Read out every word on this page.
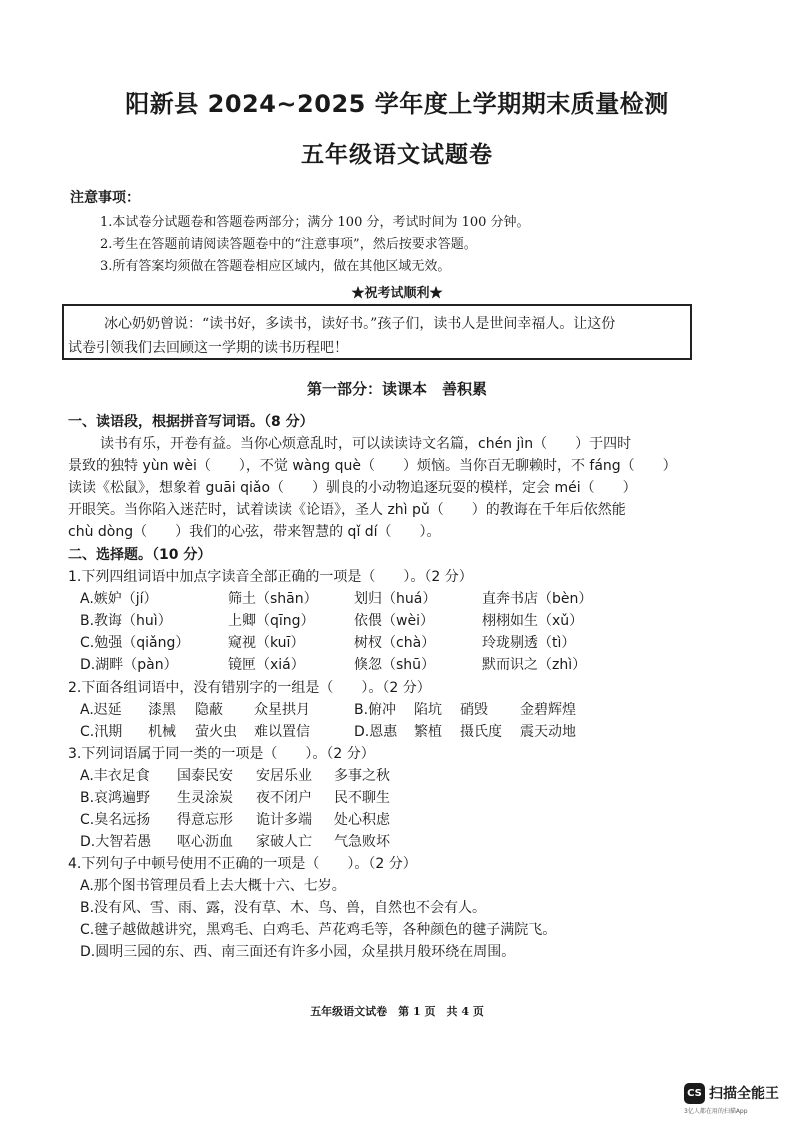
阳新县 2024~2025 学年度上学期期末质量检测
五年级语文试题卷
注意事项：
1.本试卷分试题卷和答题卷两部分；满分 100 分，考试时间为 100 分钟。
2.考生在答题前请阅读答题卷中的“注意事项”，然后按要求答题。
3.所有答案均须做在答题卷相应区域内，做在其他区域无效。
★祝考试顺利★
冰心奶奶曾说：“读书好，多读书，读好书。”孩子们，读书人是世间幸福人。让这份
试卷引领我们去回顾这一学期的读书历程吧！
第一部分：读课本　善积累
一、读语段，根据拼音写词语。（8 分）
读书有乐，开卷有益。当你心烦意乱时，可以读读诗文名篇，chén jìn（　　）于四时
景致的独特 yùn wèi（　　），不觉 wàng què（　　）烦恼。当你百无聊赖时，不 fáng（　　）
读读《松鼠》，想象着 guāi qiǎo（　　）驯良的小动物追逐玩耍的模样，定会 méi（　　）
开眼笑。当你陷入迷茫时，试着读读《论语》，圣人 zhì pǔ（　　）的教诲在千年后依然能
chù dòng（　　）我们的心弦，带来智慧的 qǐ dí（　　）。
二、选择题。（10 分）
1.下列四组词语中加点字读音全部正确的一项是（　　）。（2 分）
A.嫉妒（jí）	筛土（shān）	划归（huá）	直奔书店（bèn）
B.教诲（huì）	上卿（qīng）	依偎（wèi）	栩栩如生（xǔ）
C.勉强（qiǎng）	窥视（kuī）	树杈（chà）	玲珑剔透（tì）
D.湖畔（pàn）	镜匣（xiá）	倏忽（shū）	默而识之（zhì）
2.下面各组词语中，没有错别字的一组是（　　）。（2 分）
A.迟延 漆黑 隐蔽 众星拱月	B.俯冲 陷坑 硝毁 金碧辉煌
C.汛期 机械 萤火虫 难以置信	D.恩惠 繁植 摄氏度 震天动地
3.下列词语属于同一类的一项是（　　）。（2 分）
A.丰衣足食 国泰民安 安居乐业 多事之秋
B.哀鸿遍野 生灵涂炭 夜不闭户 民不聊生
C.臭名远扬 得意忘形 诡计多端 处心积虑
D.大智若愚 呕心沥血 家破人亡 气急败坏
4.下列句子中顿号使用不正确的一项是（　　）。（2 分）
A.那个图书管理员看上去大概十六、七岁。
B.没有风、雪、雨、露，没有草、木、鸟、兽，自然也不会有人。
C.毽子越做越讲究，黑鸡毛、白鸡毛、芦花鸡毛等，各种颜色的毽子满院飞。
D.圆明三园的东、西、南三面还有许多小园，众星拱月般环绕在周围。
五年级语文试卷　第 1 页　共 4 页
CS 扫描全能王
3亿人都在用的扫描App
